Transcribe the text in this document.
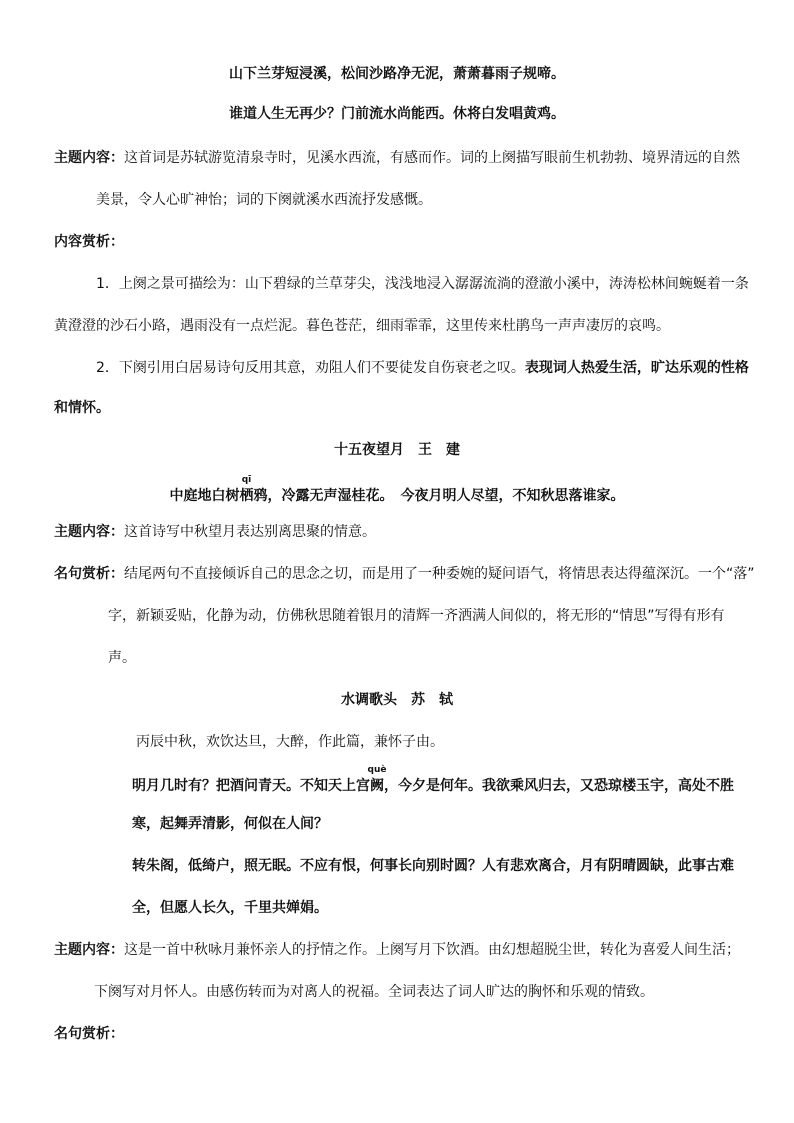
山下兰芽短浸溪，松间沙路净无泥，萧萧暮雨子规啼。
谁道人生无再少？门前流水尚能西。休将白发唱黄鸡。
主题内容：这首词是苏轼游览清泉寺时，见溪水西流，有感而作。词的上阕描写眼前生机勃勃、境界清远的自然
美景，令人心旷神怡；词的下阕就溪水西流抒发感慨。
内容赏析：
1．上阕之景可描绘为：山下碧绿的兰草芽尖，浅浅地浸入潺潺流淌的澄澈小溪中，涛涛松林间蜿蜒着一条
黄澄澄的沙石小路，遇雨没有一点烂泥。暮色苍茫，细雨霏霏，这里传来杜鹃鸟一声声凄厉的哀鸣。
2．下阕引用白居易诗句反用其意，劝阻人们不要徒发自伤衰老之叹。表现词人热爱生活，旷达乐观的性格
和情怀。
十五夜望月　王　建
中庭地白树
qī
栖鸦，冷露无声湿桂花。　今夜月明人尽望，不知秋思落谁家。
主题内容：这首诗写中秋望月表达别离思聚的情意。
名句赏析：结尾两句不直接倾诉自己的思念之切，而是用了一种委婉的疑问语气，将情思表达得蕴深沉。一个“落”
字，新颖妥贴，化静为动，仿佛秋思随着银月的清辉一齐洒满人间似的，将无形的“情思”写得有形有
声。
水调歌头　苏　轼
丙辰中秋，欢饮达旦，大醉，作此篇，兼怀子由。
明月几时有？把酒问青天。不知天上宫
què
阙，今夕是何年。我欲乘风归去，又恐琼楼玉宇，高处不胜
寒，起舞弄清影，何似在人间？
转朱阁，低绮户，照无眠。不应有恨，何事长向别时圆？人有悲欢离合，月有阴晴圆缺，此事古难
全，但愿人长久，千里共婵娟。
主题内容：这是一首中秋咏月兼怀亲人的抒情之作。上阕写月下饮酒。由幻想超脱尘世，转化为喜爱人间生活；
下阕写对月怀人。由感伤转而为对离人的祝福。全词表达了词人旷达的胸怀和乐观的情致。
名句赏析：
